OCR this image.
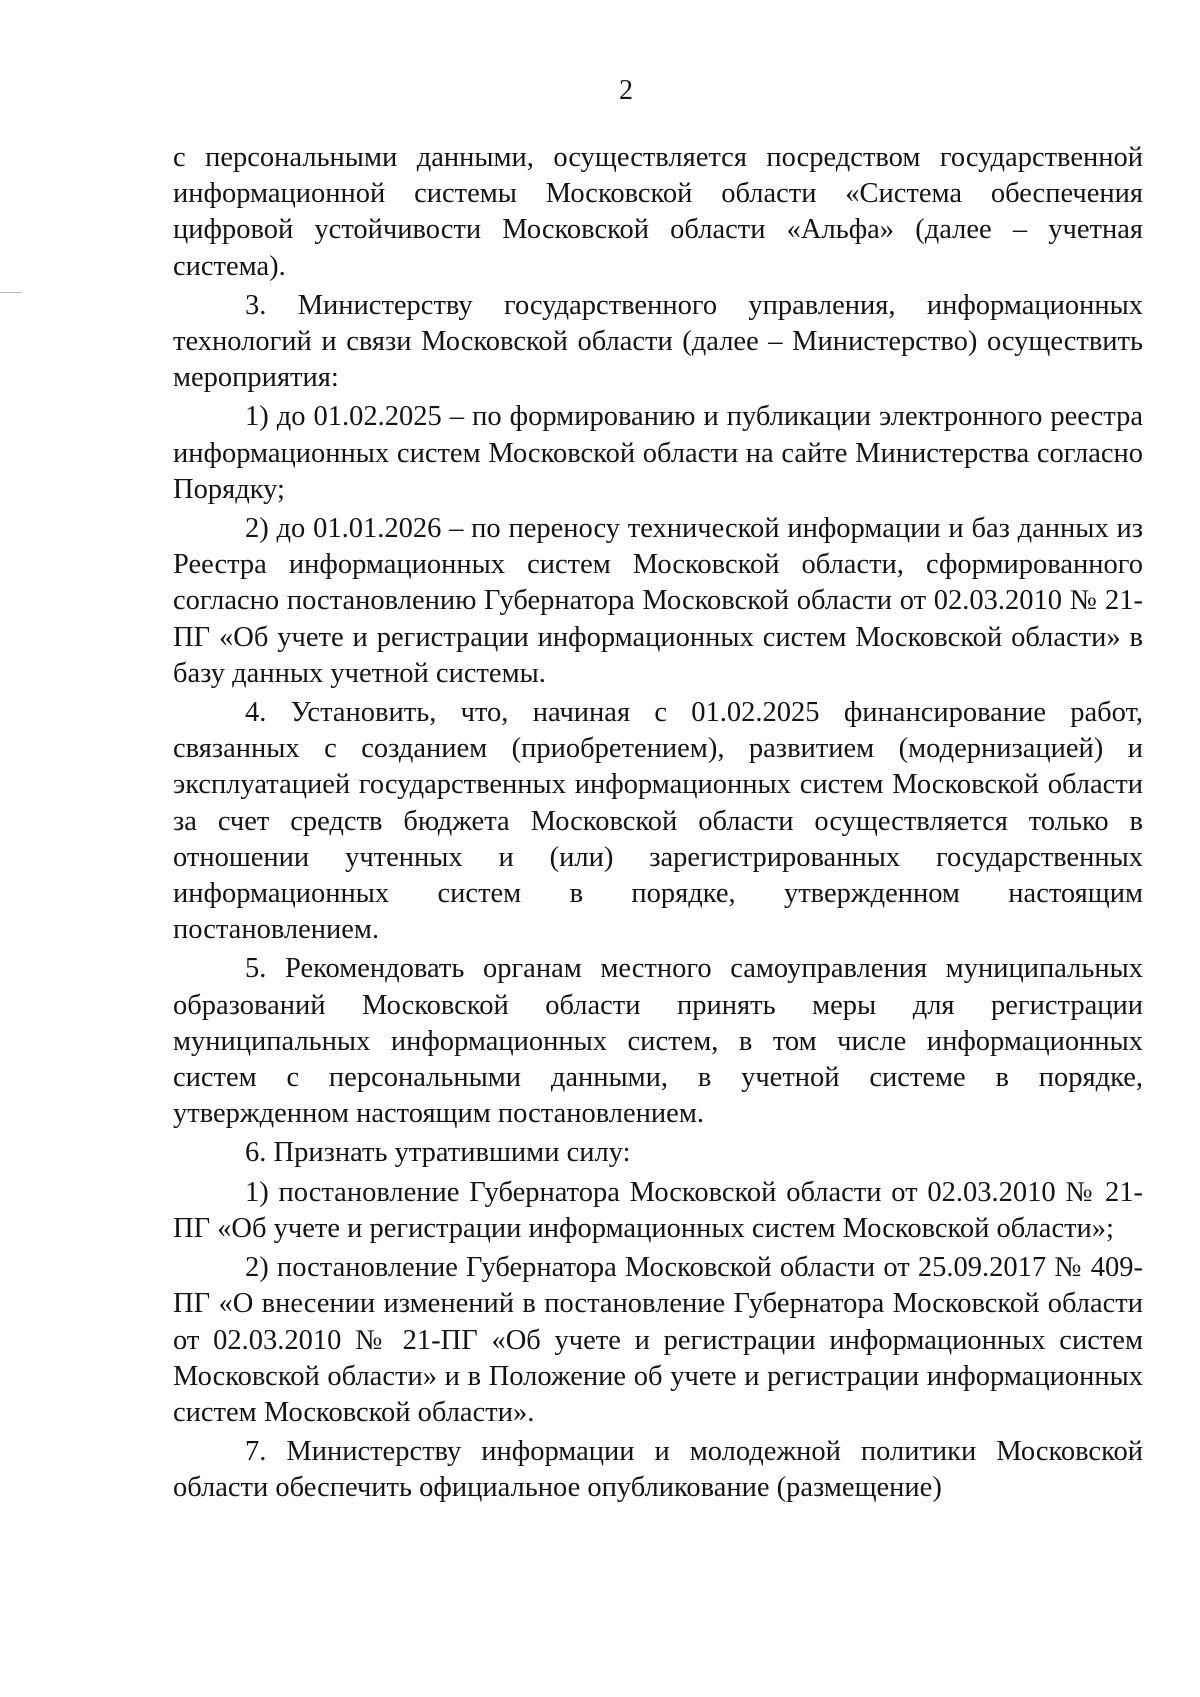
2

с персональными данными, осуществляется посредством государственной информационной системы Московской области «Система обеспечения цифровой устойчивости Московской области «Альфа» (далее – учетная система).

3. Министерству государственного управления, информационных технологий и связи Московской области (далее – Министерство) осуществить мероприятия:

1) до 01.02.2025 – по формированию и публикации электронного реестра информационных систем Московской области на сайте Министерства согласно Порядку;

2) до 01.01.2026 – по переносу технической информации и баз данных из Реестра информационных систем Московской области, сформированного согласно постановлению Губернатора Московской области от 02.03.2010 № 21-ПГ «Об учете и регистрации информационных систем Московской области» в базу данных учетной системы.

4. Установить, что, начиная с 01.02.2025 финансирование работ, связанных с созданием (приобретением), развитием (модернизацией) и эксплуатацией государственных информационных систем Московской области за счет средств бюджета Московской области осуществляется только в отношении учтенных и (или) зарегистрированных государственных информационных систем в порядке, утвержденном настоящим постановлением.

5. Рекомендовать органам местного самоуправления муниципальных образований Московской области принять меры для регистрации муниципальных информационных систем, в том числе информационных систем с персональными данными, в учетной системе в порядке, утвержденном настоящим постановлением.

6. Признать утратившими силу:

1) постановление Губернатора Московской области от 02.03.2010 № 21-ПГ «Об учете и регистрации информационных систем Московской области»;

2) постановление Губернатора Московской области от 25.09.2017 № 409-ПГ «О внесении изменений в постановление Губернатора Московской области от 02.03.2010 № 21-ПГ «Об учете и регистрации информационных систем Московской области» и в Положение об учете и регистрации информационных систем Московской области».

7. Министерству информации и молодежной политики Московской области обеспечить официальное опубликование (размещение)
